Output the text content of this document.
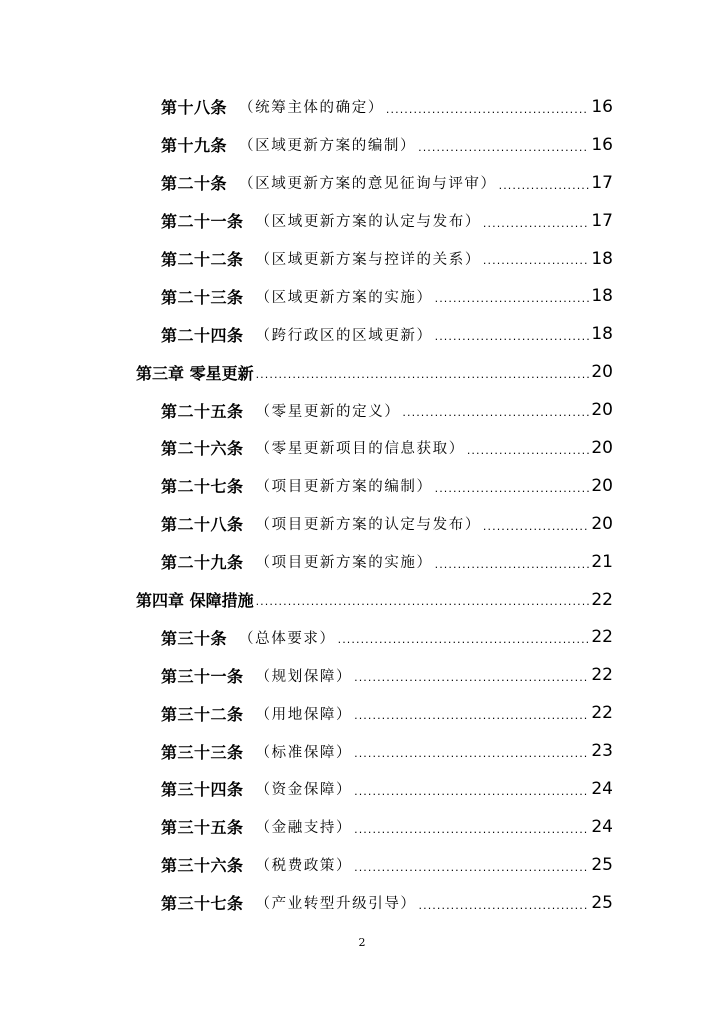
第十八条 （统筹主体的确定） . . .	16
第十九条 （区域更新方案的编制） . . .	16
第二十条 （区域更新方案的意见征询与评审） . . .	17
第二十一条 （区域更新方案的认定与发布） . . .	17
第二十二条 （区域更新方案与控详的关系） . . .	18
第二十三条 （区域更新方案的实施） . . .	18
第二十四条 （跨行政区的区域更新） . . .	18
第三章 零星更新 . . .	20
第二十五条 （零星更新的定义） . . .	20
第二十六条 （零星更新项目的信息获取） . . .	20
第二十七条 （项目更新方案的编制） . . .	20
第二十八条 （项目更新方案的认定与发布） . . .	20
第二十九条 （项目更新方案的实施） . . .	21
第四章 保障措施 . . .	22
第三十条 （总体要求） . . .	22
第三十一条 （规划保障） . . .	22
第三十二条 （用地保障） . . .	22
第三十三条 （标准保障） . . .	23
第三十四条 （资金保障） . . .	24
第三十五条 （金融支持） . . .	24
第三十六条 （税费政策） . . .	25
第三十七条 （产业转型升级引导） . . .	25
2
